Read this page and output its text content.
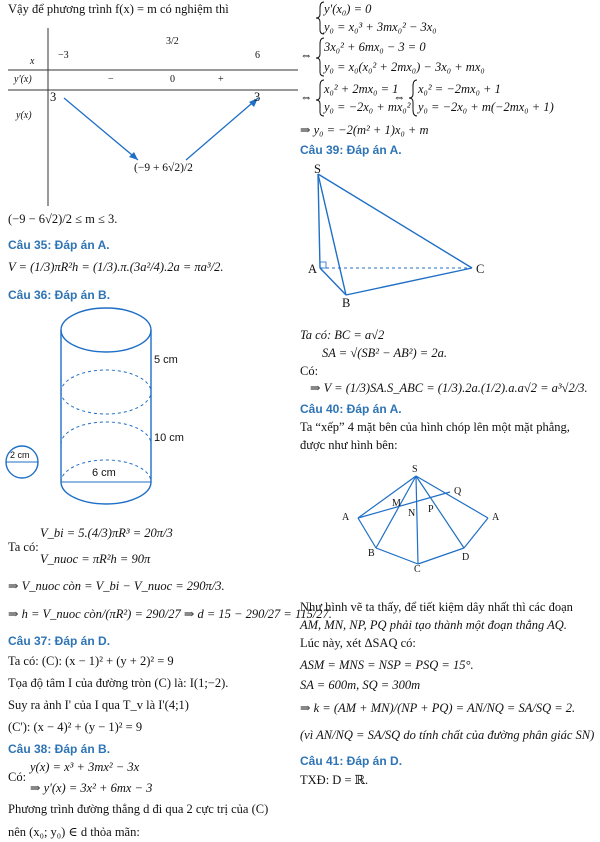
Vậy để phương trình f(x) = m có nghiệm thì
x
−3
3/2
6
y'(x)	−	0	+
y(x)
3	3
(−9 + 6√2)/2
(−9 − 6√2)/2 ≤ m ≤ 3.
Câu 35: Đáp án A.
V = (1/3)πR²h = (1/3).π.(3a²/4).2a = πa³/2.
Câu 36: Đáp án B.
5 cm
10 cm
6 cm
2 cm
Ta có:
V_bi = 5.(4/3)πR³ = 20π/3
V_nuoc = πR²h = 90π
⇒ V_nuoc còn = V_bi − V_nuoc = 290π/3.
⇒ h = V_nuoc còn/(πR²) = 290/27 ⇒ d = 15 − 290/27 = 115/27.
Câu 37: Đáp án D.
Ta có: (C): (x − 1)² + (y + 2)² = 9
Tọa độ tâm I của đường tròn (C) là: I(1;−2).
Suy ra ảnh I' của I qua T_v là I'(4;1)
(C'): (x − 4)² + (y − 1)² = 9
Câu 38: Đáp án B.
Có:
y(x) = x³ + 3mx² − 3x
⇒ y'(x) = 3x² + 6mx − 3
Phương trình đường thẳng d đi qua 2 cực trị của (C)
nên (x₀; y₀) ∈ d thỏa mãn:
y'(x₀) = 0
y₀ = x₀³ + 3mx₀² − 3x₀
⇔
3x₀² + 6mx₀ − 3 = 0
y₀ = x₀(x₀² + 2mx₀) − 3x₀ + mx₀
⇔
x₀² + 2mx₀ = 1
y₀ = −2x₀ + mx₀²
⇔
x₀² = −2mx₀ + 1
y₀ = −2x₀ + m(−2mx₀ + 1)
⇒ y₀ = −2(m² + 1)x₀ + m
Câu 39: Đáp án A.
S
A
B
C
Ta có: BC = a√2
SA = √(SB² − AB²) = 2a.
Có:
⇒ V = (1/3)SA.S_ABC = (1/3).2a.(1/2).a.a√2 = a³√2/3.
Câu 40: Đáp án A.
Ta “xếp” 4 mặt bên của hình chóp lên một mặt phẳng,
được như hình bên:
S
M
N P
Q
A	A
B
C
D
Như hình vẽ ta thấy, để tiết kiệm dây nhất thì các đoạn
AM, MN, NP, PQ phải tạo thành một đoạn thẳng AQ.
Lúc này, xét ΔSAQ có:
ASM = MNS = NSP = PSQ = 15°.
SA = 600m, SQ = 300m
⇒ k = (AM + MN)/(NP + PQ) = AN/NQ = SA/SQ = 2.
(vì AN/NQ = SA/SQ do tính chất của đường phân giác SN)
Câu 41: Đáp án D.
TXĐ: D = ℝ.
